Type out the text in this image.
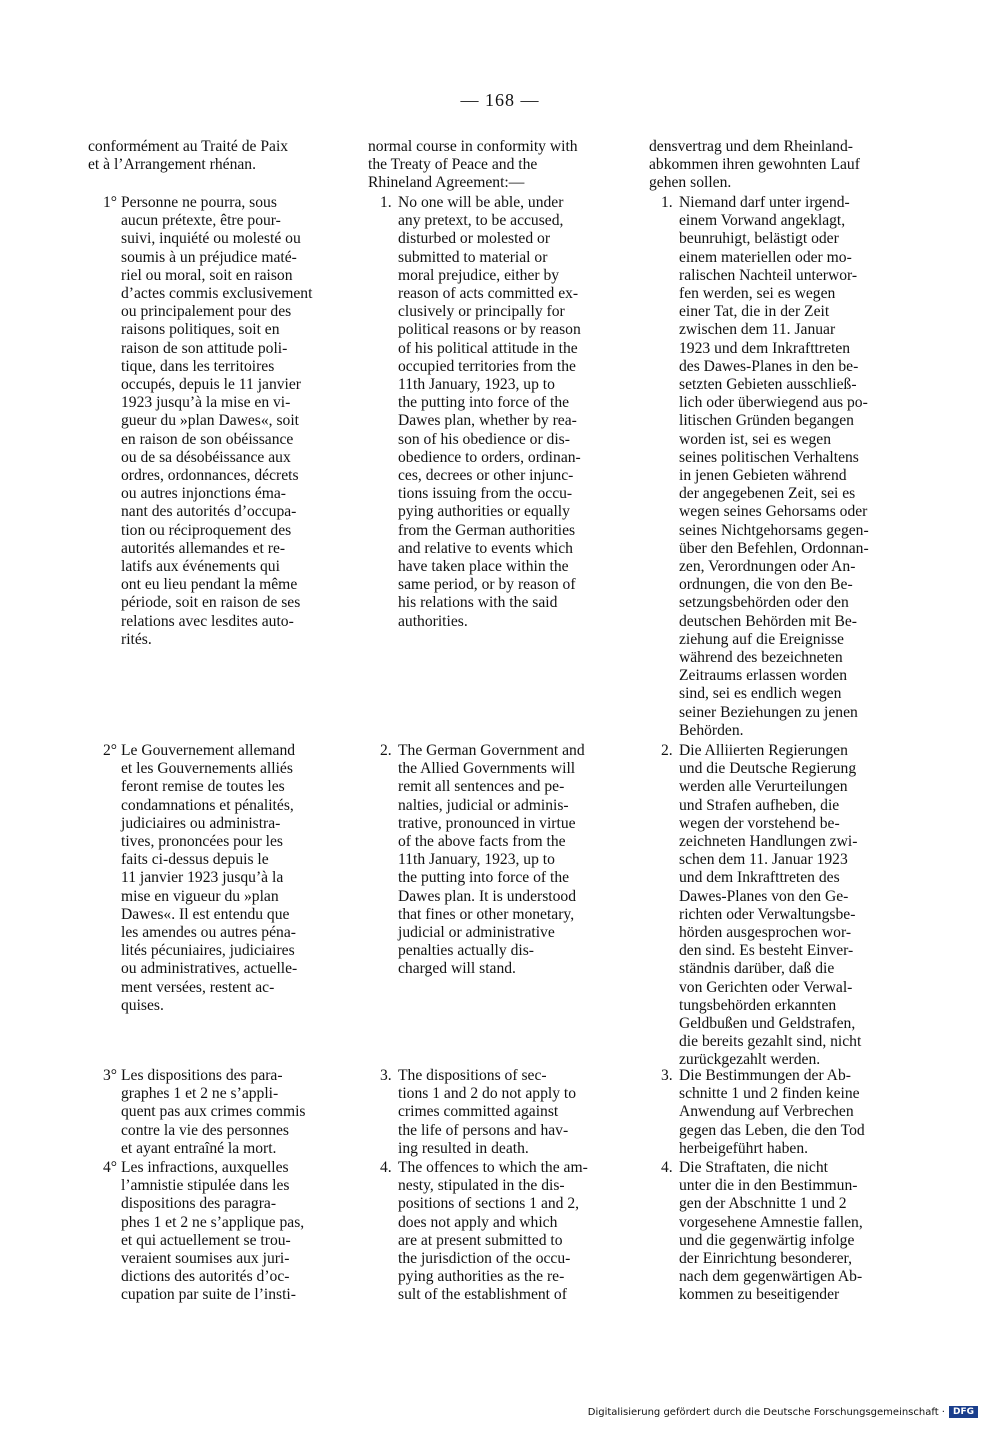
— 168 —
conformément au Traité de Paix
et à l’Arrangement rhénan.
1° Personne ne pourra, sous
aucun prétexte, être pour-
suivi, inquiété ou molesté ou
soumis à un préjudice maté-
riel ou moral, soit en raison
d’actes commis exclusivement
ou principalement pour des
raisons politiques, soit en
raison de son attitude poli-
tique, dans les territoires
occupés, depuis le 11 janvier
1923 jusqu’à la mise en vi-
gueur du »plan Dawes«, soit
en raison de son obéissance
ou de sa désobéissance aux
ordres, ordonnances, décrets
ou autres injonctions éma-
nant des autorités d’occupa-
tion ou réciproquement des
autorités allemandes et re-
latifs aux événements qui
ont eu lieu pendant la même
période, soit en raison de ses
relations avec lesdites auto-
rités.
2° Le Gouvernement allemand
et les Gouvernements alliés
feront remise de toutes les
condamnations et pénalités,
judiciaires ou administra-
tives, prononcées pour les
faits ci-dessus depuis le
11 janvier 1923 jusqu’à la
mise en vigueur du »plan
Dawes«. Il est entendu que
les amendes ou autres péna-
lités pécuniaires, judiciaires
ou administratives, actuelle-
ment versées, restent ac-
quises.
3° Les dispositions des para-
graphes 1 et 2 ne s’appli-
quent pas aux crimes commis
contre la vie des personnes
et ayant entraîné la mort.
4° Les infractions, auxquelles
l’amnistie stipulée dans les
dispositions des paragra-
phes 1 et 2 ne s’applique pas,
et qui actuellement se trou-
veraient soumises aux juri-
dictions des autorités d’oc-
cupation par suite de l’insti-
normal course in conformity with
the Treaty of Peace and the
Rhineland Agreement:—
1. No one will be able, under
any pretext, to be accused,
disturbed or molested or
submitted to material or
moral prejudice, either by
reason of acts committed ex-
clusively or principally for
political reasons or by reason
of his political attitude in the
occupied territories from the
11th January, 1923, up to
the putting into force of the
Dawes plan, whether by rea-
son of his obedience or dis-
obedience to orders, ordinan-
ces, decrees or other injunc-
tions issuing from the occu-
pying authorities or equally
from the German authorities
and relative to events which
have taken place within the
same period, or by reason of
his relations with the said
authorities.
2. The German Government and
the Allied Governments will
remit all sentences and pe-
nalties, judicial or adminis-
trative, pronounced in virtue
of the above facts from the
11th January, 1923, up to
the putting into force of the
Dawes plan. It is understood
that fines or other monetary,
judicial or administrative
penalties actually dis-
charged will stand.
3. The dispositions of sec-
tions 1 and 2 do not apply to
crimes committed against
the life of persons and hav-
ing resulted in death.
4. The offences to which the am-
nesty, stipulated in the dis-
positions of sections 1 and 2,
does not apply and which
are at present submitted to
the jurisdiction of the occu-
pying authorities as the re-
sult of the establishment of
densvertrag und dem Rheinland-
abkommen ihren gewohnten Lauf
gehen sollen.
1. Niemand darf unter irgend-
einem Vorwand angeklagt,
beunruhigt, belästigt oder
einem materiellen oder mo-
ralischen Nachteil unterwor-
fen werden, sei es wegen
einer Tat, die in der Zeit
zwischen dem 11. Januar
1923 und dem Inkrafttreten
des Dawes-Planes in den be-
setzten Gebieten ausschließ-
lich oder überwiegend aus po-
litischen Gründen begangen
worden ist, sei es wegen
seines politischen Verhaltens
in jenen Gebieten während
der angegebenen Zeit, sei es
wegen seines Gehorsams oder
seines Nichtgehorsams gegen-
über den Befehlen, Ordonnan-
zen, Verordnungen oder An-
ordnungen, die von den Be-
setzungsbehörden oder den
deutschen Behörden mit Be-
ziehung auf die Ereignisse
während des bezeichneten
Zeitraums erlassen worden
sind, sei es endlich wegen
seiner Beziehungen zu jenen
Behörden.
2. Die Alliierten Regierungen
und die Deutsche Regierung
werden alle Verurteilungen
und Strafen aufheben, die
wegen der vorstehend be-
zeichneten Handlungen zwi-
schen dem 11. Januar 1923
und dem Inkrafttreten des
Dawes-Planes von den Ge-
richten oder Verwaltungsbe-
hörden ausgesprochen wor-
den sind. Es besteht Einver-
ständnis darüber, daß die
von Gerichten oder Verwal-
tungsbehörden erkannten
Geldbußen und Geldstrafen,
die bereits gezahlt sind, nicht
zurückgezahlt werden.
3. Die Bestimmungen der Ab-
schnitte 1 und 2 finden keine
Anwendung auf Verbrechen
gegen das Leben, die den Tod
herbeigeführt haben.
4. Die Straftaten, die nicht
unter die in den Bestimmun-
gen der Abschnitte 1 und 2
vorgesehene Amnestie fallen,
und die gegenwärtig infolge
der Einrichtung besonderer,
nach dem gegenwärtigen Ab-
kommen zu beseitigender
Digitalisierung gefördert durch die Deutsche Forschungsgemeinschaft · DFG
